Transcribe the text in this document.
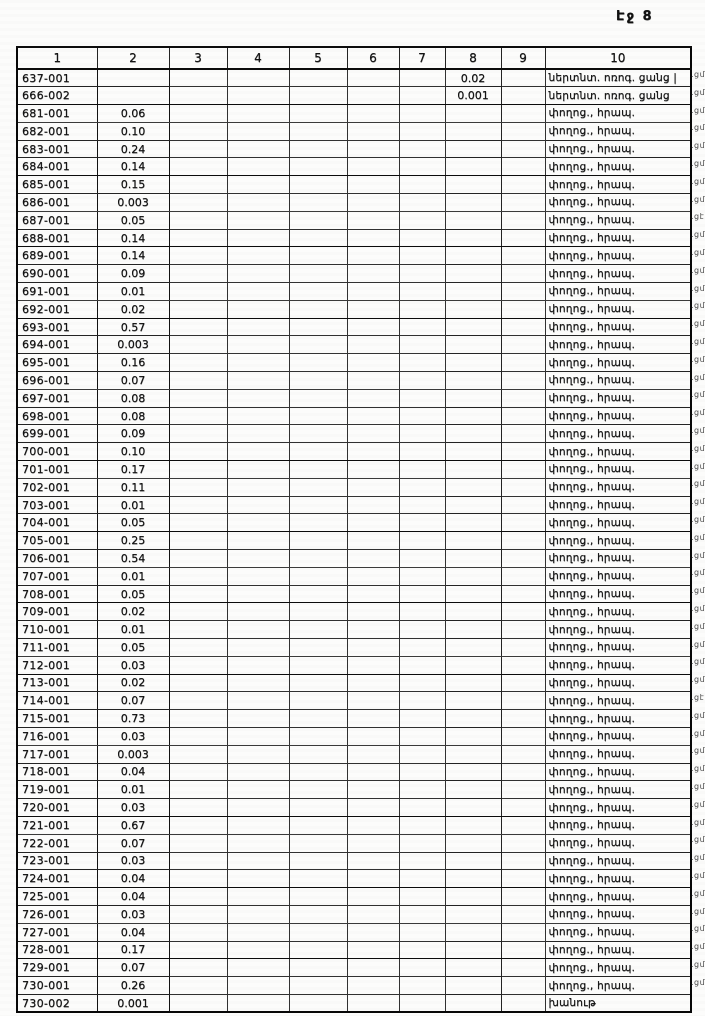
Էջ 8
1	2	3	4	5	6	7	8	9	10
637-001							0.02		ներտնտ. ոռոգ. ցանց |
666-002							0.001		ներտնտ. ոռոգ. ցանց
681-001	0.06								փողոց., հրապ.
682-001	0.10								փողոց., հրապ.
683-001	0.24								փողոց., հրապ.
684-001	0.14								փողոց., հրապ.
685-001	0.15								փողոց., հրապ.
686-001	0.003								փողոց., հրապ.
687-001	0.05								փողոց., հրապ.
688-001	0.14								փողոց., հրապ.
689-001	0.14								փողոց., հրապ.
690-001	0.09								փողոց., հրապ.
691-001	0.01								փողոց., հրապ.
692-001	0.02								փողոց., հրապ.
693-001	0.57								փողոց., հրապ.
694-001	0.003								փողոց., հրապ.
695-001	0.16								փողոց., հրապ.
696-001	0.07								փողոց., հրապ.
697-001	0.08								փողոց., հրապ.
698-001	0.08								փողոց., հրապ.
699-001	0.09								փողոց., հրապ.
700-001	0.10								փողոց., հրապ.
701-001	0.17								փողոց., հրապ.
702-001	0.11								փողոց., հրապ.
703-001	0.01								փողոց., հրապ.
704-001	0.05								փողոց., հրապ.
705-001	0.25								փողոց., հրապ.
706-001	0.54								փողոց., հրապ.
707-001	0.01								փողոց., հրապ.
708-001	0.05								փողոց., հրապ.
709-001	0.02								փողոց., հրապ.
710-001	0.01								փողոց., հրապ.
711-001	0.05								փողոց., հրապ.
712-001	0.03								փողոց., հրապ.
713-001	0.02								փողոց., հրապ.
714-001	0.07								փողոց., հրապ.
715-001	0.73								փողոց., հրապ.
716-001	0.03								փողոց., հրապ.
717-001	0.003								փողոց., հրապ.
718-001	0.04								փողոց., հրապ.
719-001	0.01								փողոց., հրապ.
720-001	0.03								փողոց., հրապ.
721-001	0.67								փողոց., հրապ.
722-001	0.07								փողոց., հրապ.
723-001	0.03								փողոց., հրապ.
724-001	0.04								փողոց., հրապ.
725-001	0.04								փողոց., հրապ.
726-001	0.03								փողոց., հրապ.
727-001	0.04								փողոց., հրապ.
728-001	0.17								փողոց., հրապ.
729-001	0.07								փողոց., հրապ.
730-001	0.26								փողոց., հրապ.
730-002	0.001								խանութ
.ցմ
.ցմ
.ցմ
.ցմ
.ցմ
.ցմ
.ցմ
.ցմ
.ցէ
.ցմ
.ցմ
.ցմ
.ցմ
.ցմ
.ցմ
.ցմ
.ցմ
.ցմ
.ցմ
.ցմ
.ցմ
.ցմ
.ցմ
.ցմ
.ցմ
.ցմ
.ցմ
.ցմ
.ցմ
.ցմ
.ցմ
.ցմ
.ցմ
.ցմ
.ցմ
.ցէ
.ցմ
.ցմ
.ցմ
.ցմ
.ցմ
.ցմ
.ցմ
.ցմ
.ցմ
.ցմ
.ցմ
.ցմ
.ցմ
.ցմ
.ցմ
.ցմ
